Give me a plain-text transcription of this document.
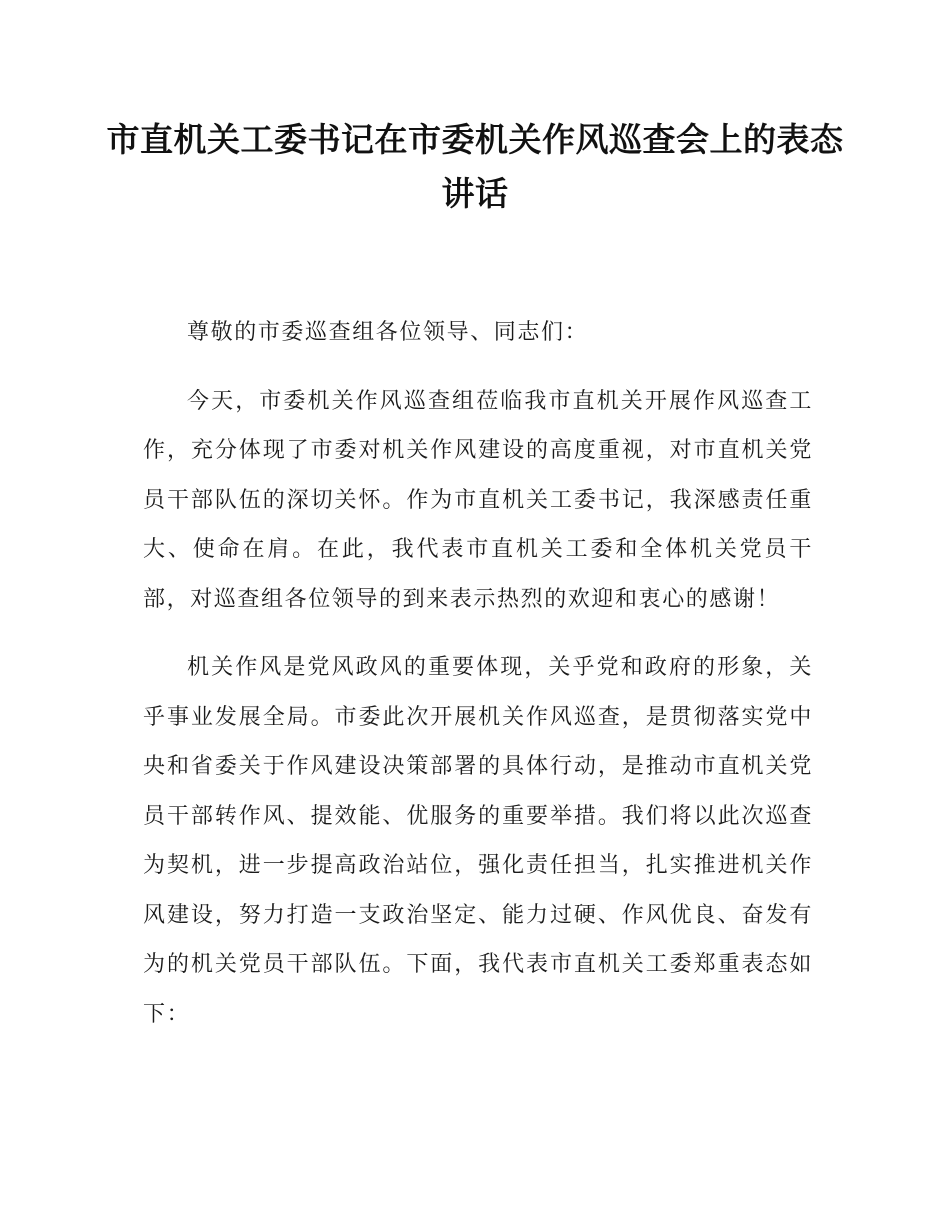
市直机关工委书记在市委机关作风巡查会上的表态讲话

尊敬的市委巡查组各位领导、同志们：

今天，市委机关作风巡查组莅临我市直机关开展作风巡查工作，充分体现了市委对机关作风建设的高度重视，对市直机关党员干部队伍的深切关怀。作为市直机关工委书记，我深感责任重大、使命在肩。在此，我代表市直机关工委和全体机关党员干部，对巡查组各位领导的到来表示热烈的欢迎和衷心的感谢！

机关作风是党风政风的重要体现，关乎党和政府的形象，关乎事业发展全局。市委此次开展机关作风巡查，是贯彻落实党中央和省委关于作风建设决策部署的具体行动，是推动市直机关党员干部转作风、提效能、优服务的重要举措。我们将以此次巡查为契机，进一步提高政治站位，强化责任担当，扎实推进机关作风建设，努力打造一支政治坚定、能力过硬、作风优良、奋发有为的机关党员干部队伍。下面，我代表市直机关工委郑重表态如下：
